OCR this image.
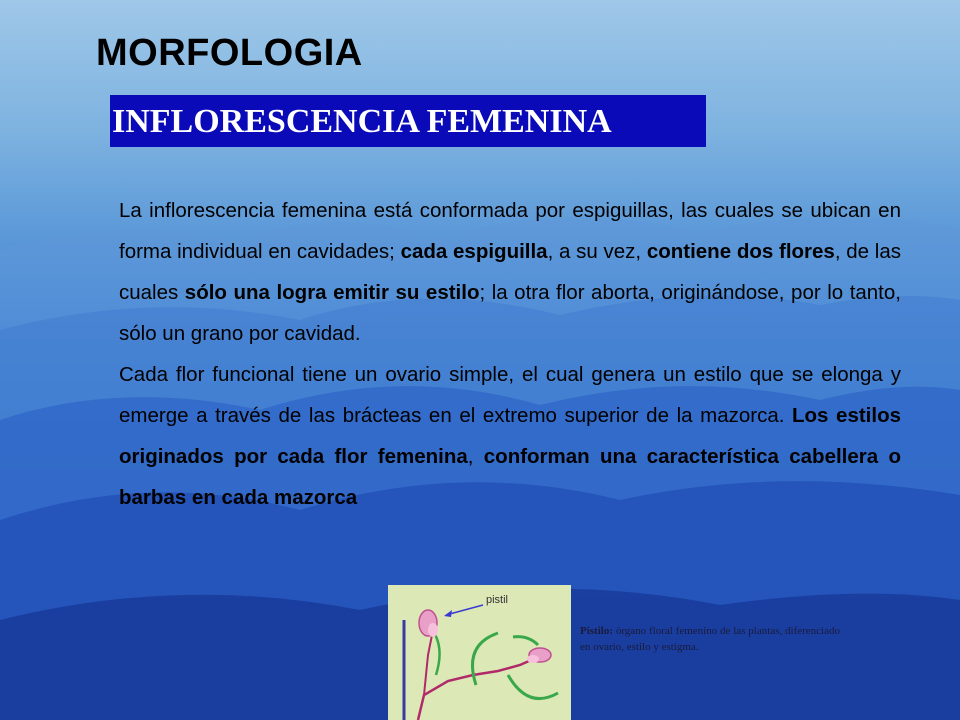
MORFOLOGIA
INFLORESCENCIA FEMENINA

La inflorescencia femenina está conformada por espiguillas, las cuales se ubican en forma individual en cavidades; cada espiguilla, a su vez, contiene dos flores, de las cuales sólo una logra emitir su estilo; la otra flor aborta, originándose, por lo tanto, sólo un grano por cavidad.

Cada flor funcional tiene un ovario simple, el cual genera un estilo que se elonga y emerge a través de las brácteas en el extremo superior de la mazorca. Los estilos originados por cada flor femenina, conforman una característica cabellera o barbas en cada mazorca

pistil
Pistilo: órgano floral femenino de las plantas, diferenciado en ovario, estilo y estigma.
